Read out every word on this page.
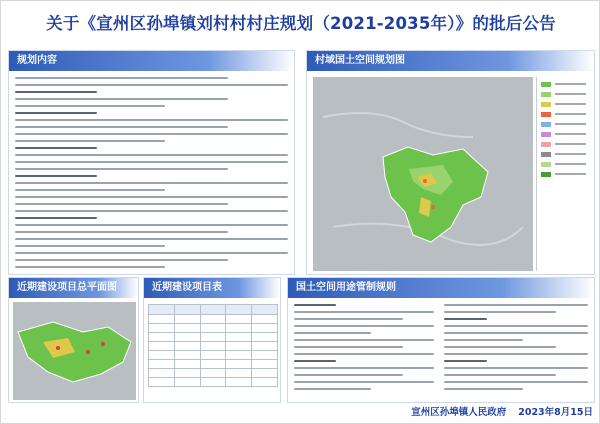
关于《宣州区孙埠镇刘村村村庄规划（2021-2035年）》的批后公告
规划内容	村域国土空间规划图
近期建设项目总平面图	近期建设项目表

					国土空间用途管制规则
宣州区孙埠镇人民政府 2023年8月15日
